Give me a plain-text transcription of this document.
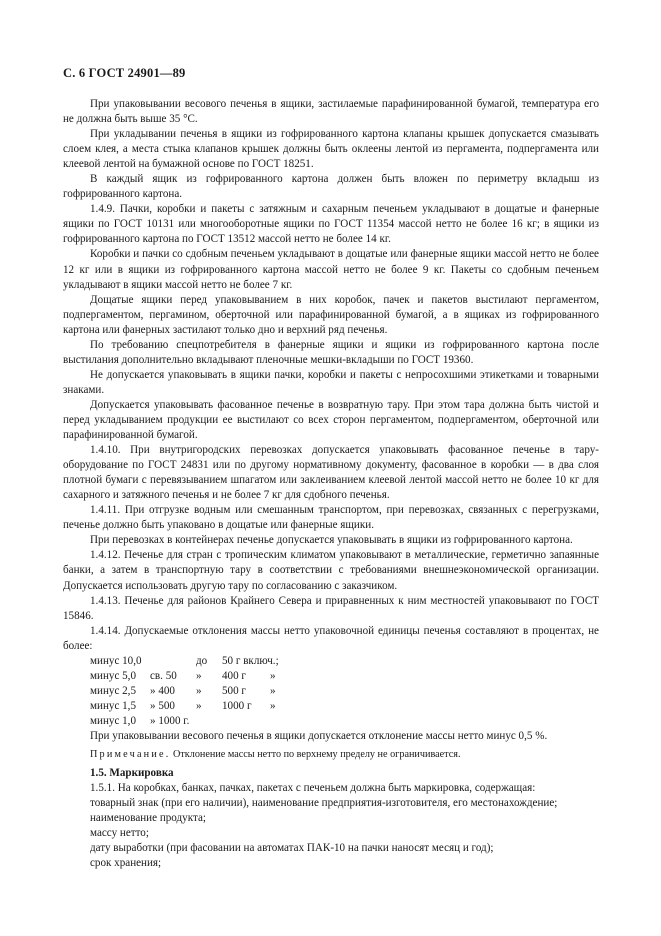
С. 6 ГОСТ 24901—89

При упаковывании весового печенья в ящики, застилаемые парафинированной бумагой, температура его не должна быть выше 35 °С.

При укладывании печенья в ящики из гофрированного картона клапаны крышек допускается смазывать слоем клея, а места стыка клапанов крышек должны быть оклеены лентой из пергамента, подпергамента или клеевой лентой на бумажной основе по ГОСТ 18251.

В каждый ящик из гофрированного картона должен быть вложен по периметру вкладыш из гофрированного картона.

1.4.9. Пачки, коробки и пакеты с затяжным и сахарным печеньем укладывают в дощатые и фанерные ящики по ГОСТ 10131 или многооборотные ящики по ГОСТ 11354 массой нетто не более 16 кг; в ящики из гофрированного картона по ГОСТ 13512 массой нетто не более 14 кг.

Коробки и пачки со сдобным печеньем укладывают в дощатые или фанерные ящики массой нетто не более 12 кг или в ящики из гофрированного картона массой нетто не более 9 кг. Пакеты со сдобным печеньем укладывают в ящики массой нетто не более 7 кг.

Дощатые ящики перед упаковыванием в них коробок, пачек и пакетов выстилают пергаментом, подпергаментом, пергамином, оберточной или парафинированной бумагой, а в ящиках из гофрированного картона или фанерных застилают только дно и верхний ряд печенья.

По требованию спецпотребителя в фанерные ящики и ящики из гофрированного картона после выстилания дополнительно вкладывают пленочные мешки-вкладыши по ГОСТ 19360.

Не допускается упаковывать в ящики пачки, коробки и пакеты с непросохшими этикетками и товарными знаками.

Допускается упаковывать фасованное печенье в возвратную тару. При этом тара должна быть чистой и перед укладыванием продукции ее выстилают со всех сторон пергаментом, подпергаментом, оберточной или парафинированной бумагой.

1.4.10. При внутригородских перевозках допускается упаковывать фасованное печенье в тару-оборудование по ГОСТ 24831 или по другому нормативному документу, фасованное в коробки — в два слоя плотной бумаги с перевязыванием шпагатом или заклеиванием клеевой лентой массой нетто не более 10 кг для сахарного и затяжного печенья и не более 7 кг для сдобного печенья.

1.4.11. При отгрузке водным или смешанным транспортом, при перевозках, связанных с перегрузками, печенье должно быть упаковано в дощатые или фанерные ящики.

При перевозках в контейнерах печенье допускается упаковывать в ящики из гофрированного картона.

1.4.12. Печенье для стран с тропическим климатом упаковывают в металлические, герметично запаянные банки, а затем в транспортную тару в соответствии с требованиями внешнеэкономической организации. Допускается использовать другую тару по согласованию с заказчиком.

1.4.13. Печенье для районов Крайнего Севера и приравненных к ним местностей упаковывают по ГОСТ 15846.

1.4.14. Допускаемые отклонения массы нетто упаковочной единицы печенья составляют в процентах, не более:

минус 10,0	до	50 г включ.;
минус 5,0	св. 50	»	400 г	»
минус 2,5	» 400	»	500 г	»
минус 1,5	» 500	»	1000 г	»
минус 1,0	» 1000 г.

При упаковывании весового печенья в ящики допускается отклонение массы нетто минус 0,5 %.

Примечание. Отклонение массы нетто по верхнему пределу не ограничивается.

1.5. Маркировка

1.5.1. На коробках, банках, пачках, пакетах с печеньем должна быть маркировка, содержащая:

товарный знак (при его наличии), наименование предприятия-изготовителя, его местонахождение;

наименование продукта;

массу нетто;

дату выработки (при фасовании на автоматах ПАК-10 на пачки наносят месяц и год);

срок хранения;
